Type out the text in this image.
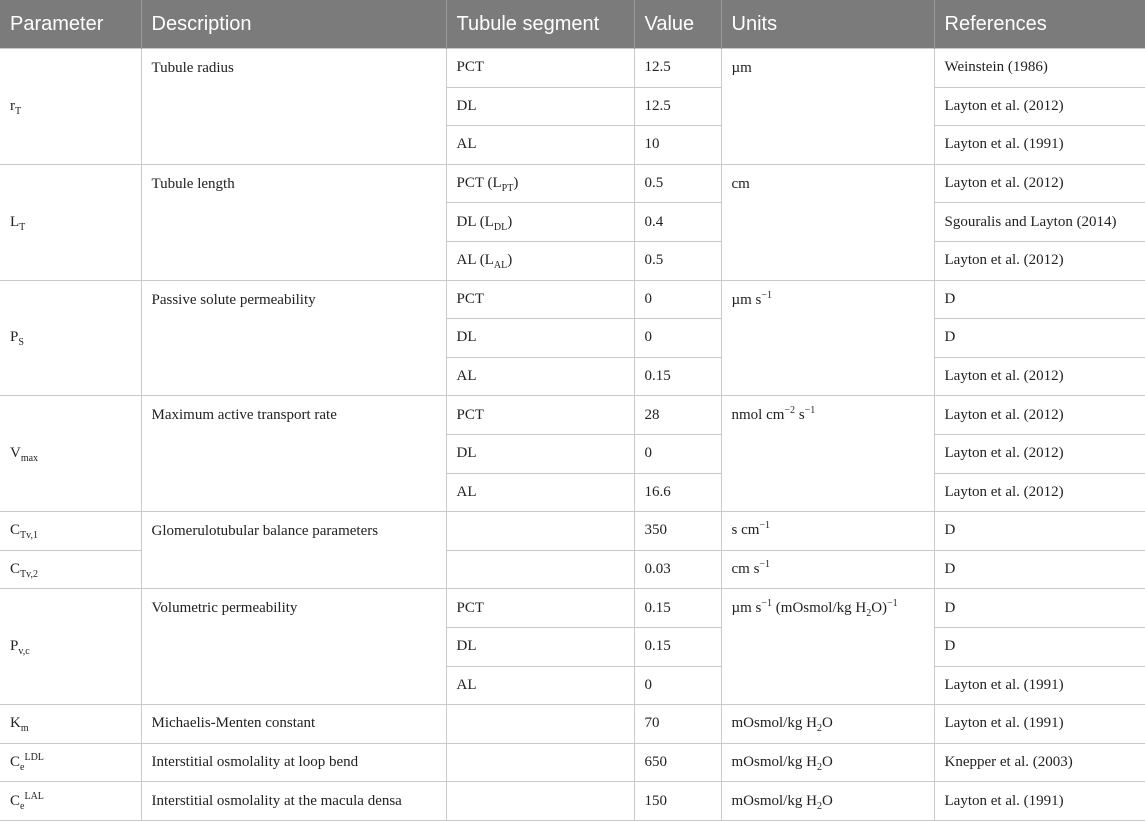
Parameter	Description	Tubule segment	Value	Units	References
$r_T$	Tubule radius	PCT	12.5	µm	Weinstein (1986)
		DL	12.5		Layton et al. (2012)
		AL	10		Layton et al. (1991)
$L_T$	Tubule length	PCT $(L_{PT})$	0.5	cm	Layton et al. (2012)
		DL $(L_{DL})$	0.4		Sgouralis and Layton (2014)
		AL $(L_{AL})$	0.5		Layton et al. (2012)
$P_S$	Passive solute permeability	PCT	0	µm $s^{-1}$	D
		DL	0		D
		AL	0.15		Layton et al. (2012)
$V_{max}$	Maximum active transport rate	PCT	28	nmol $cm^{-2}$ $s^{-1}$	Layton et al. (2012)
		DL	0		Layton et al. (2012)
		AL	16.6		Layton et al. (2012)
$C_{Tv,1}$	Glomerulotubular balance parameters		350	s $cm^{-1}$	D
$C_{Tv,2}$			0.03	cm $s^{-1}$	D
$P_{v,c}$	Volumetric permeability	PCT	0.15	µm $s^{-1}$ (mOsmol/kg $H_2O)^{-1}$	D
		DL	0.15		D
		AL	0		Layton et al. (1991)
$K_m$	Michaelis-Menten constant		70	mOsmol/kg $H_2O$	Layton et al. (1991)
$C_e^{LDL}$	Interstitial osmolality at loop bend		650	mOsmol/kg $H_2O$	Knepper et al. (2003)
$C_e^{LAL}$	Interstitial osmolality at the macula densa		150	mOsmol/kg $H_2O$	Layton et al. (1991)
